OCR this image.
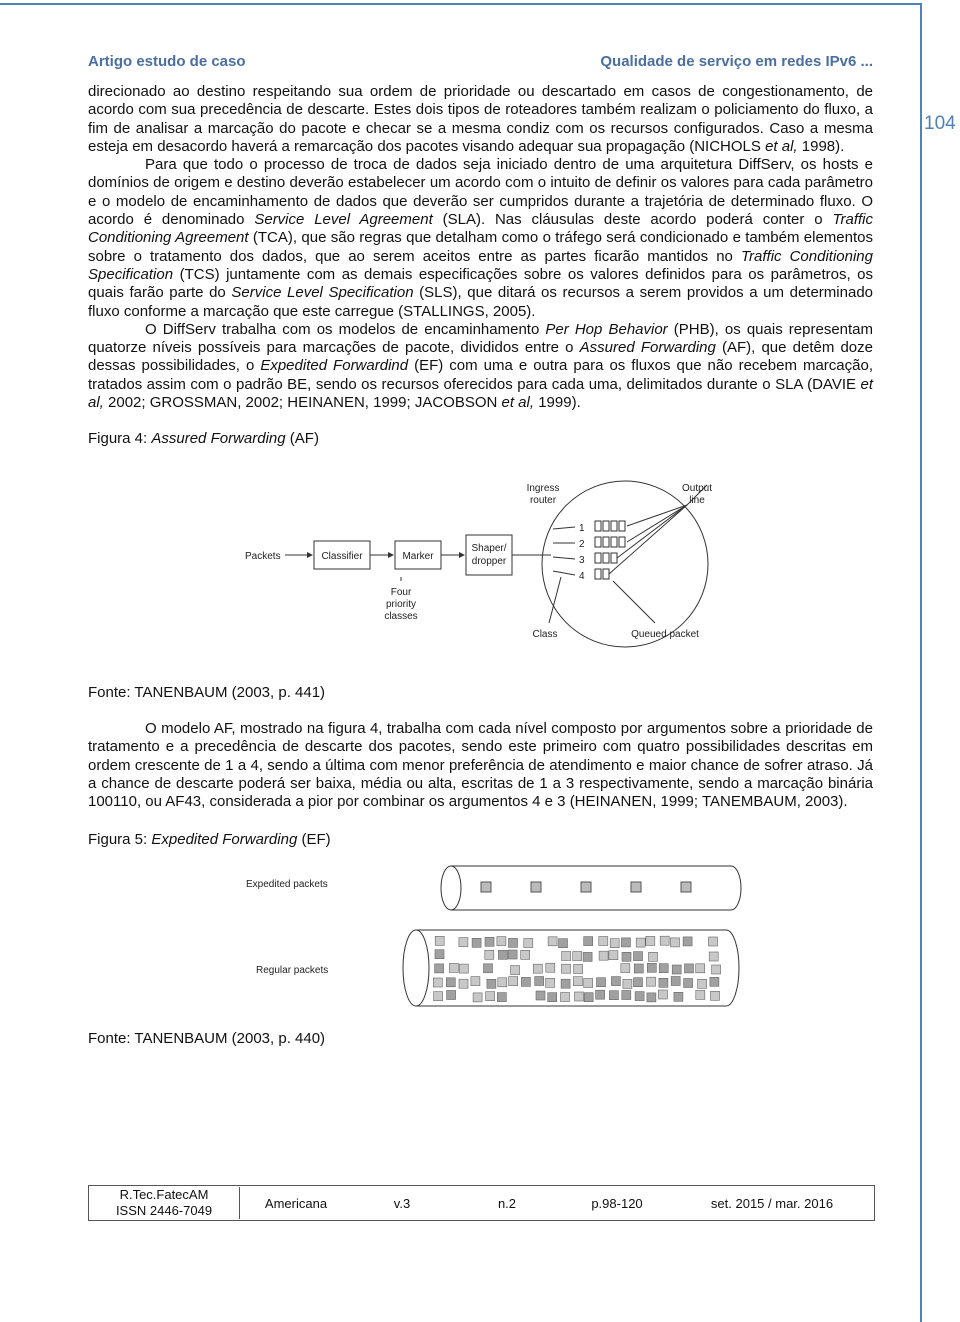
104
Artigo estudo de caso	Qualidade de serviço em redes IPv6 ...

direcionado ao destino respeitando sua ordem de prioridade ou descartado em casos de congestionamento, de acordo com sua precedência de descarte. Estes dois tipos de roteadores também realizam o policiamento do fluxo, a fim de analisar a marcação do pacote e checar se a mesma condiz com os recursos configurados. Caso a mesma esteja em desacordo haverá a remarcação dos pacotes visando adequar sua propagação (NICHOLS et al, 1998).

Para que todo o processo de troca de dados seja iniciado dentro de uma arquitetura DiffServ, os hosts e domínios de origem e destino deverão estabelecer um acordo com o intuito de definir os valores para cada parâmetro e o modelo de encaminhamento de dados que deverão ser cumpridos durante a trajetória de determinado fluxo. O acordo é denominado Service Level Agreement (SLA). Nas cláusulas deste acordo poderá conter o Traffic Conditioning Agreement (TCA), que são regras que detalham como o tráfego será condicionado e também elementos sobre o tratamento dos dados, que ao serem aceitos entre as partes ficarão mantidos no Traffic Conditioning Specification (TCS) juntamente com as demais especificações sobre os valores definidos para os parâmetros, os quais farão parte do Service Level Specification (SLS), que ditará os recursos a serem providos a um determinado fluxo conforme a marcação que este carregue (STALLINGS, 2005).

O DiffServ trabalha com os modelos de encaminhamento Per Hop Behavior (PHB), os quais representam quatorze níveis possíveis para marcações de pacote, divididos entre o Assured Forwarding (AF), que detêm doze dessas possibilidades, o Expedited Forwardind (EF) com uma e outra para os fluxos que não recebem marcação, tratados assim com o padrão BE, sendo os recursos oferecidos para cada uma, delimitados durante o SLA (DAVIE et al, 2002; GROSSMAN, 2002; HEINANEN, 1999; JACOBSON et al, 1999).

Figura 4: Assured Forwarding (AF)

Packets	Classifier	Marker
Shaper/
dropper
Four
priority
classes
Ingress
router
1
2
3
4
Output
line
Class	Queued packet

Fonte: TANENBAUM (2003, p. 441)

O modelo AF, mostrado na figura 4, trabalha com cada nível composto por argumentos sobre a prioridade de tratamento e a precedência de descarte dos pacotes, sendo este primeiro com quatro possibilidades descritas em ordem crescente de 1 a 4, sendo a última com menor preferência de atendimento e maior chance de sofrer atraso. Já a chance de descarte poderá ser baixa, média ou alta, escritas de 1 a 3 respectivamente, sendo a marcação binária 100110, ou AF43, considerada a pior por combinar os argumentos 4 e 3 (HEINANEN, 1999; TANEMBAUM, 2003).

Figura 5: Expedited Forwarding (EF)

Expedited packets
Regular packets

Fonte: TANENBAUM (2003, p. 440)

R.Tec.FatecAM
ISSN 2446-7049	Americana	v.3	n.2	p.98-120	set. 2015 / mar. 2016
